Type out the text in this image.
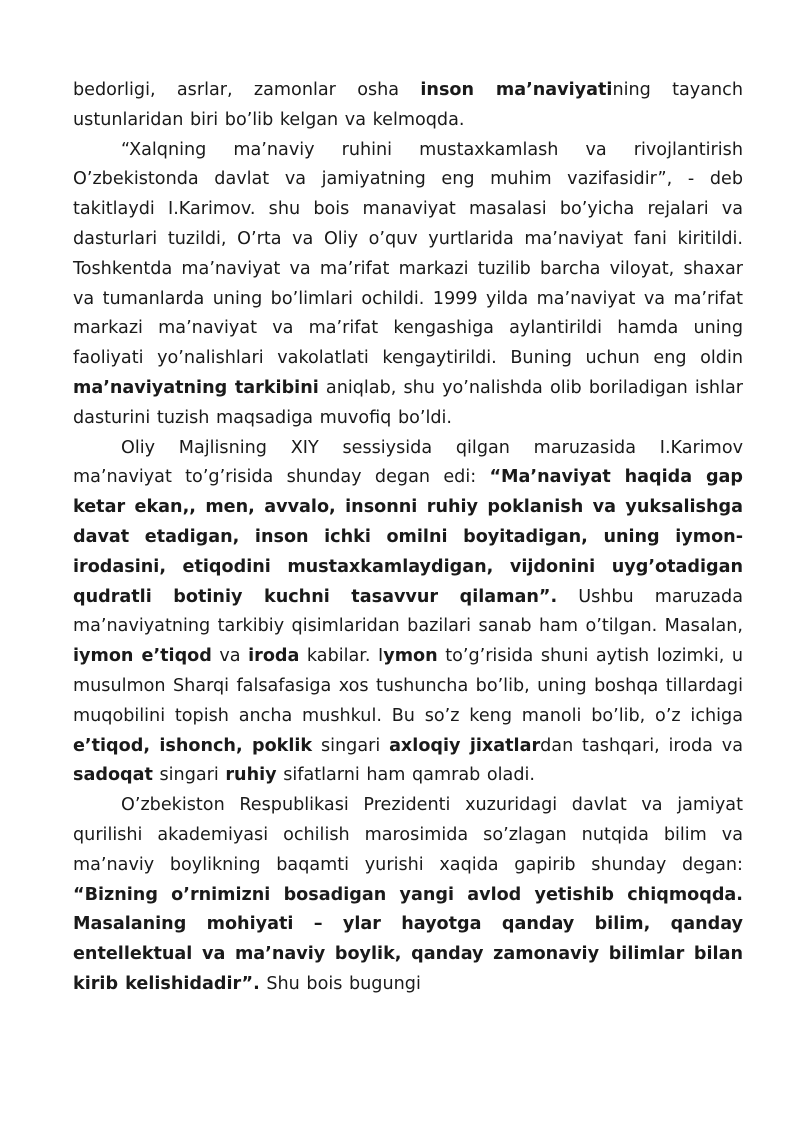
bedorligi, asrlar, zamonlar osha inson ma’naviyatining tayanch ustunlaridan biri bo’lib kelgan va kelmoqda.

“Xalqning ma’naviy ruhini mustaxkamlash va rivojlantirish O’zbekistonda davlat va jamiyatning eng muhim vazifasidir”, - deb takitlaydi I.Karimov. shu bois manaviyat masalasi bo’yicha rejalari va dasturlari tuzildi, O’rta va Oliy o’quv yurtlarida ma’naviyat fani kiritildi. Toshkentda ma’naviyat va ma’rifat markazi tuzilib barcha viloyat, shaxar va tumanlarda uning bo’limlari ochildi. 1999 yilda ma’naviyat va ma’rifat markazi ma’naviyat va ma’rifat kengashiga aylantirildi hamda uning faoliyati yo’nalishlari vakolatlati kengaytirildi. Buning uchun eng oldin ma’naviyatning tarkibini aniqlab, shu yo’nalishda olib boriladigan ishlar dasturini tuzish maqsadiga muvofiq bo’ldi.

Oliy Majlisning XIY sessiysida qilgan maruzasida I.Karimov ma’naviyat to’g’risida shunday degan edi: “Ma’naviyat haqida gap ketar ekan,, men, avvalo, insonni ruhiy poklanish va yuksalishga davat etadigan, inson ichki omilni boyitadigan, uning iymon-irodasini, etiqodini mustaxkamlaydigan, vijdonini uyg’otadigan qudratli botiniy kuchni tasavvur qilaman”. Ushbu maruzada ma’naviyatning tarkibiy qisimlaridan bazilari sanab ham o’tilgan. Masalan, iymon e’tiqod va iroda kabilar. Iymon to’g’risida shuni aytish lozimki, u musulmon Sharqi falsafasiga xos tushuncha bo’lib, uning boshqa tillardagi muqobilini topish ancha mushkul. Bu so’z keng manoli bo’lib, o’z ichiga e’tiqod, ishonch, poklik singari axloqiy jixatlardan tashqari, iroda va sadoqat singari ruhiy sifatlarni ham qamrab oladi.

O’zbekiston Respublikasi Prezidenti xuzuridagi davlat va jamiyat qurilishi akademiyasi ochilish marosimida so’zlagan nutqida bilim va ma’naviy boylikning baqamti yurishi xaqida gapirib shunday degan: “Bizning o’rnimizni bosadigan yangi avlod yetishib chiqmoqda. Masalaning mohiyati – ylar hayotga qanday bilim, qanday entellektual va ma’naviy boylik, qanday zamonaviy bilimlar bilan kirib kelishidadir”. Shu bois bugungi
